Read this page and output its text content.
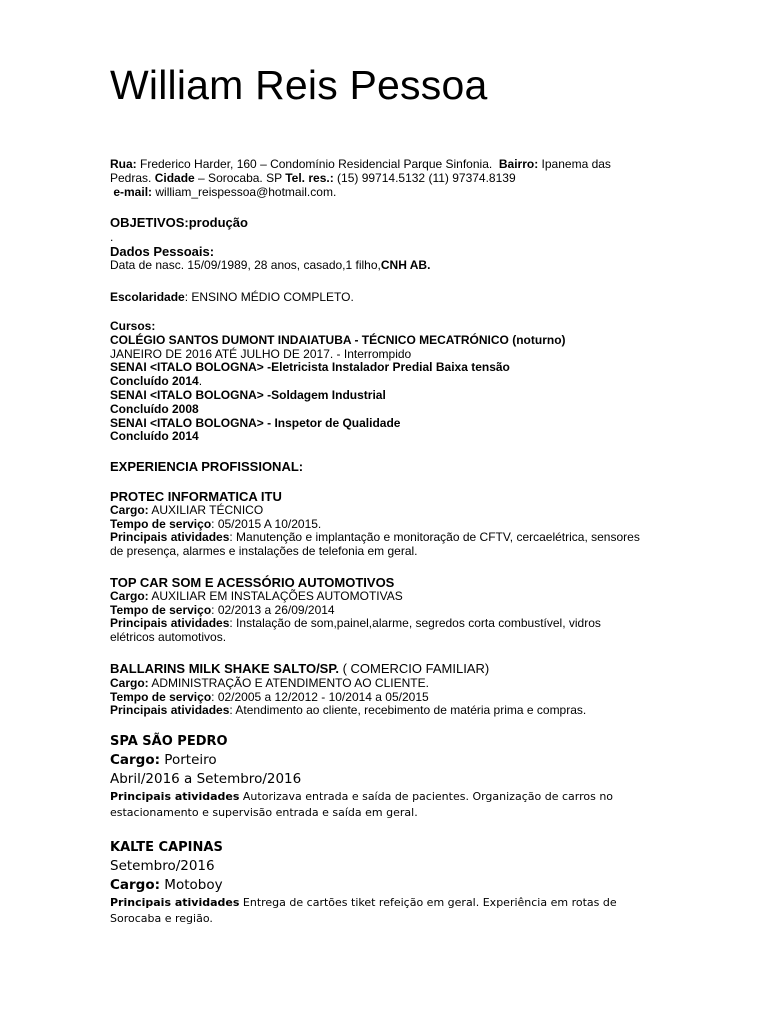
William Reis Pessoa
Rua: Frederico Harder, 160 – Condomínio Residencial Parque Sinfonia.  Bairro: Ipanema das Pedras. Cidade – Sorocaba. SP Tel. res.: (15) 99714.5132 (11) 97374.8139
e-mail: william_reispessoa@hotmail.com.
OBJETIVOS:produção
.
Dados Pessoais:
Data de nasc. 15/09/1989, 28 anos, casado,1 filho,CNH AB.
Escolaridade: ENSINO MÉDIO COMPLETO.
Cursos:
COLÉGIO SANTOS DUMONT INDAIATUBA - TÉCNICO MECATRÓNICO (noturno)
JANEIRO DE 2016 ATÉ JULHO DE 2017. - Interrompido
SENAI <ITALO BOLOGNA> -Eletricista Instalador Predial Baixa tensão
Concluído 2014.
SENAI <ITALO BOLOGNA> -Soldagem Industrial
Concluído 2008
SENAI <ITALO BOLOGNA> - Inspetor de Qualidade
Concluído 2014
EXPERIENCIA PROFISSIONAL:
PROTEC INFORMATICA ITU
Cargo: AUXILIAR TÉCNICO
Tempo de serviço: 05/2015 A 10/2015.
Principais atividades: Manutenção e implantação e monitoração de CFTV, cercaelétrica, sensores de presença, alarmes e instalações de telefonia em geral.
TOP CAR SOM E ACESSÓRIO AUTOMOTIVOS
Cargo: AUXILIAR EM INSTALAÇÕES AUTOMOTIVAS
Tempo de serviço: 02/2013 a 26/09/2014
Principais atividades: Instalação de som,painel,alarme, segredos corta combustível, vidros elétricos automotivos.
BALLARINS MILK SHAKE SALTO/SP. ( COMERCIO FAMILIAR)
Cargo: ADMINISTRAÇÃO E ATENDIMENTO AO CLIENTE.
Tempo de serviço: 02/2005 a 12/2012 - 10/2014 a 05/2015
Principais atividades: Atendimento ao cliente, recebimento de matéria prima e compras.
SPA SÃO PEDRO
Cargo: Porteiro
Abril/2016 a Setembro/2016
Principais atividades Autorizava entrada e saída de pacientes. Organização de carros no estacionamento e supervisão entrada e saída em geral.
KALTE CAPINAS
Setembro/2016
Cargo: Motoboy
Principais atividades Entrega de cartões tiket refeição em geral. Experiência em rotas de Sorocaba e região.
